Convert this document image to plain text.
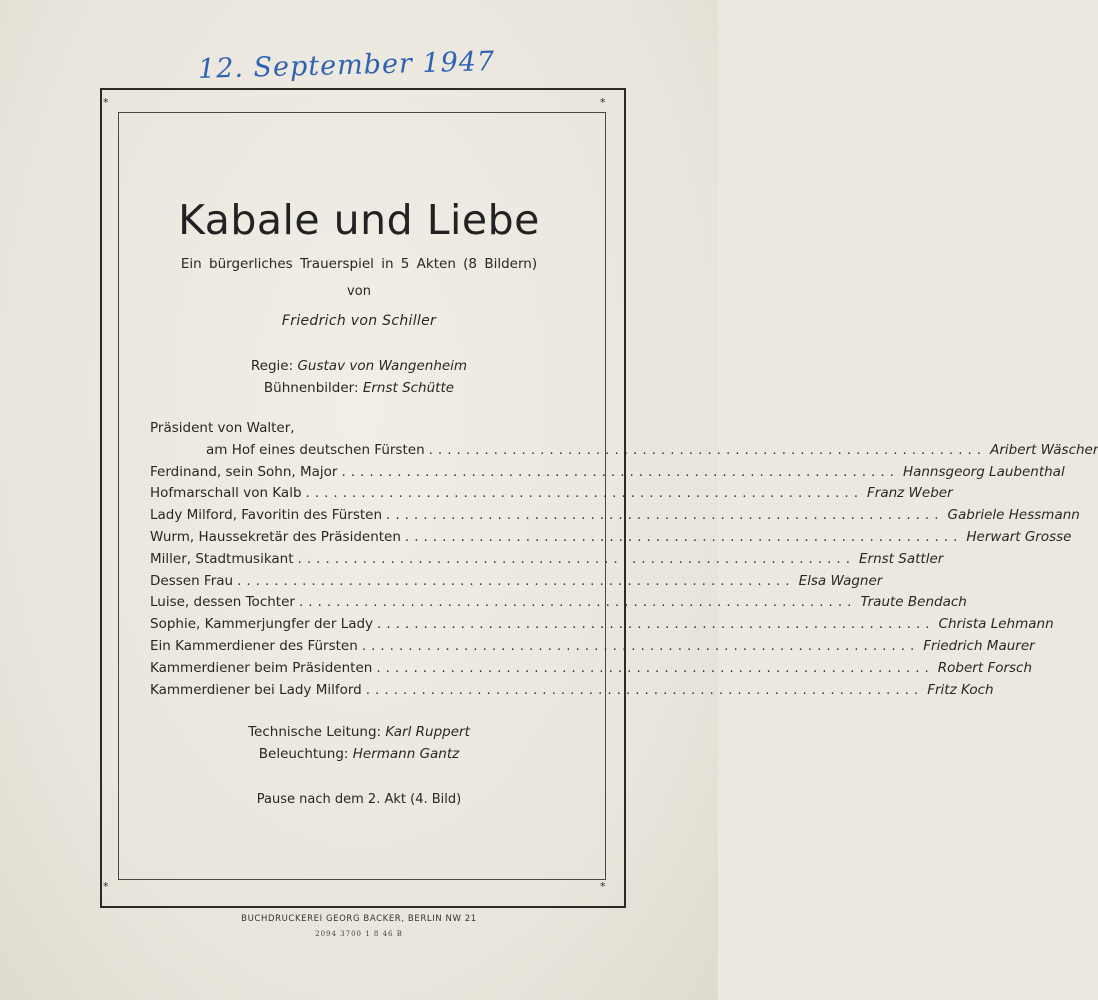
12. September 1947
*	*
*	*
Kabale und Liebe
Ein bürgerliches Trauerspiel in 5 Akten (8 Bildern)
von
Friedrich von Schiller
Regie: Gustav von Wangenheim
Bühnenbilder: Ernst Schütte
Präsident von Walter,
am Hof eines deutschen Fürsten ............................................................ Aribert Wäscher
Ferdinand, sein Sohn, Major ............................................................ Hannsgeorg Laubenthal
Hofmarschall von Kalb ............................................................ Franz Weber
Lady Milford, Favoritin des Fürsten ............................................................ Gabriele Hessmann
Wurm, Haussekretär des Präsidenten ............................................................ Herwart Grosse
Miller, Stadtmusikant ............................................................ Ernst Sattler
Dessen Frau ............................................................ Elsa Wagner
Luise, dessen Tochter ............................................................ Traute Bendach
Sophie, Kammerjungfer der Lady ............................................................ Christa Lehmann
Ein Kammerdiener des Fürsten ............................................................ Friedrich Maurer
Kammerdiener beim Präsidenten ............................................................ Robert Forsch
Kammerdiener bei Lady Milford ............................................................ Fritz Koch
Technische Leitung: Karl Ruppert
Beleuchtung: Hermann Gantz
Pause nach dem 2. Akt (4. Bild)
BUCHDRUCKEREI GEORG BACKER, BERLIN NW 21
2094 3700 1 8 46 B
